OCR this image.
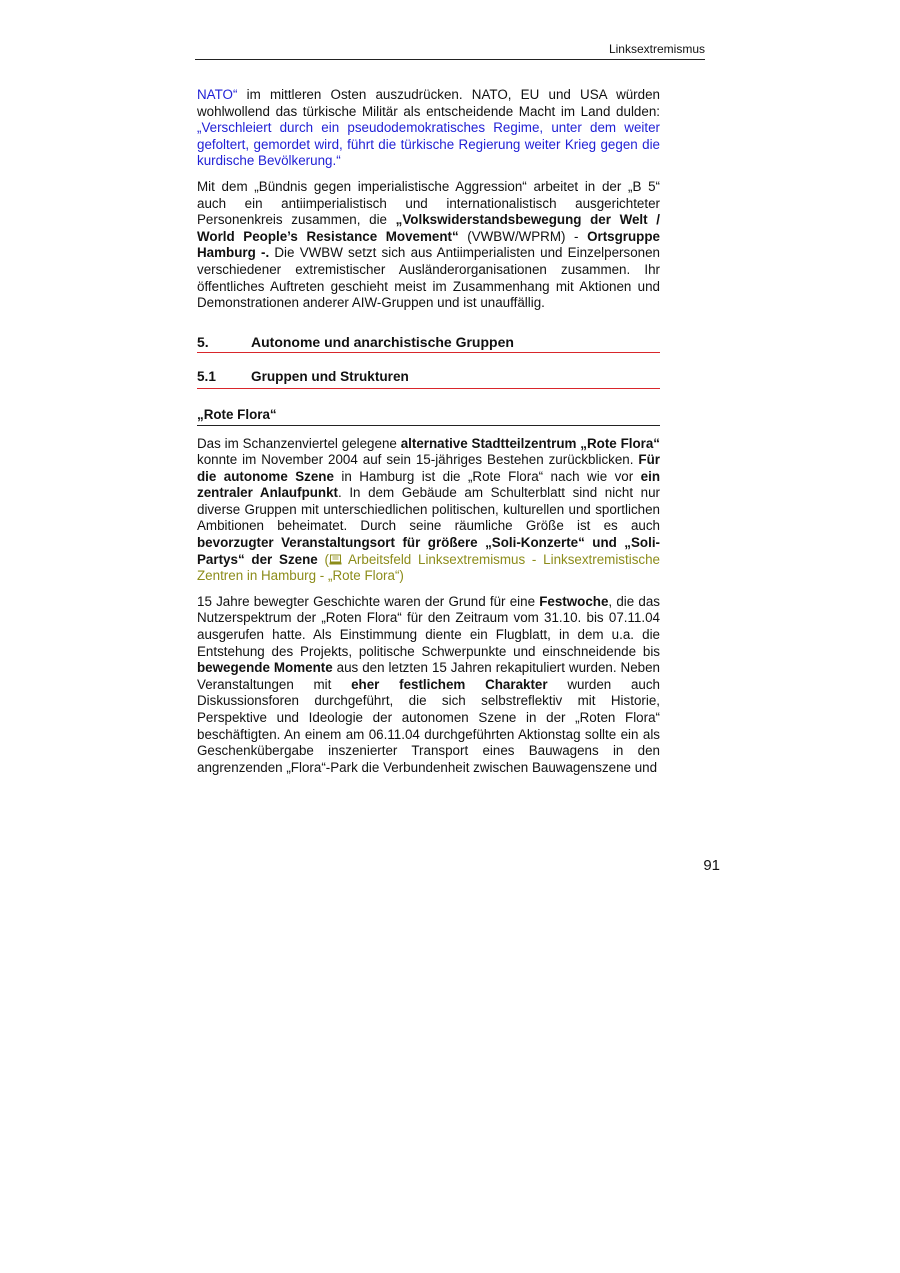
Linksextremismus

NATO“ im mittleren Osten auszudrücken. NATO, EU und USA würden wohlwollend das türkische Militär als entscheidende Macht im Land dulden: „Verschleiert durch ein pseudodemokratisches Regime, unter dem weiter gefoltert, gemordet wird, führt die türkische Regierung weiter Krieg gegen die kurdische Bevölkerung.“

Mit dem „Bündnis gegen imperialistische Aggression“ arbeitet in der „B 5“ auch ein antiimperialistisch und internationalistisch ausgerichteter Personenkreis zusammen, die „Volkswiderstandsbewegung der Welt / World People’s Resistance Movement“ (VWBW/WPRM) - Ortsgruppe Hamburg -. Die VWBW setzt sich aus Antiimperialisten und Einzelpersonen verschiedener extremistischer Ausländerorganisationen zusammen. Ihr öffentliches Auftreten geschieht meist im Zusammenhang mit Aktionen und Demonstrationen anderer AIW-Gruppen und ist unauffällig.

5.	Autonome und anarchistische Gruppen
5.1	Gruppen und Strukturen
„Rote Flora“

Das im Schanzenviertel gelegene alternative Stadtteilzentrum „Rote Flora“ konnte im November 2004 auf sein 15-jähriges Bestehen zurückblicken. Für die autonome Szene in Hamburg ist die „Rote Flora“ nach wie vor ein zentraler Anlaufpunkt. In dem Gebäude am Schulterblatt sind nicht nur diverse Gruppen mit unterschiedlichen politischen, kulturellen und sportlichen Ambitionen beheimatet. Durch seine räumliche Größe ist es auch bevorzugter Veranstaltungsort für größere „Soli-Konzerte“ und „Soli-Partys“ der Szene ( Arbeitsfeld Linksextremismus - Linksextremistische Zentren in Hamburg - „Rote Flora“)

15 Jahre bewegter Geschichte waren der Grund für eine Festwoche, die das Nutzerspektrum der „Roten Flora“ für den Zeitraum vom 31.10. bis 07.11.04 ausgerufen hatte. Als Einstimmung diente ein Flugblatt, in dem u.a. die Entstehung des Projekts, politische Schwerpunkte und einschneidende bis bewegende Momente aus den letzten 15 Jahren rekapituliert wurden. Neben Veranstaltungen mit eher festlichem Charakter wurden auch Diskussionsforen durchgeführt, die sich selbstreflektiv mit Historie, Perspektive und Ideologie der autonomen Szene in der „Roten Flora“ beschäftigten. An einem am 06.11.04 durchgeführten Aktionstag sollte ein als Geschenkübergabe inszenierter Transport eines Bauwagens in den angrenzenden „Flora“-Park die Verbundenheit zwischen Bauwagenszene und

91
